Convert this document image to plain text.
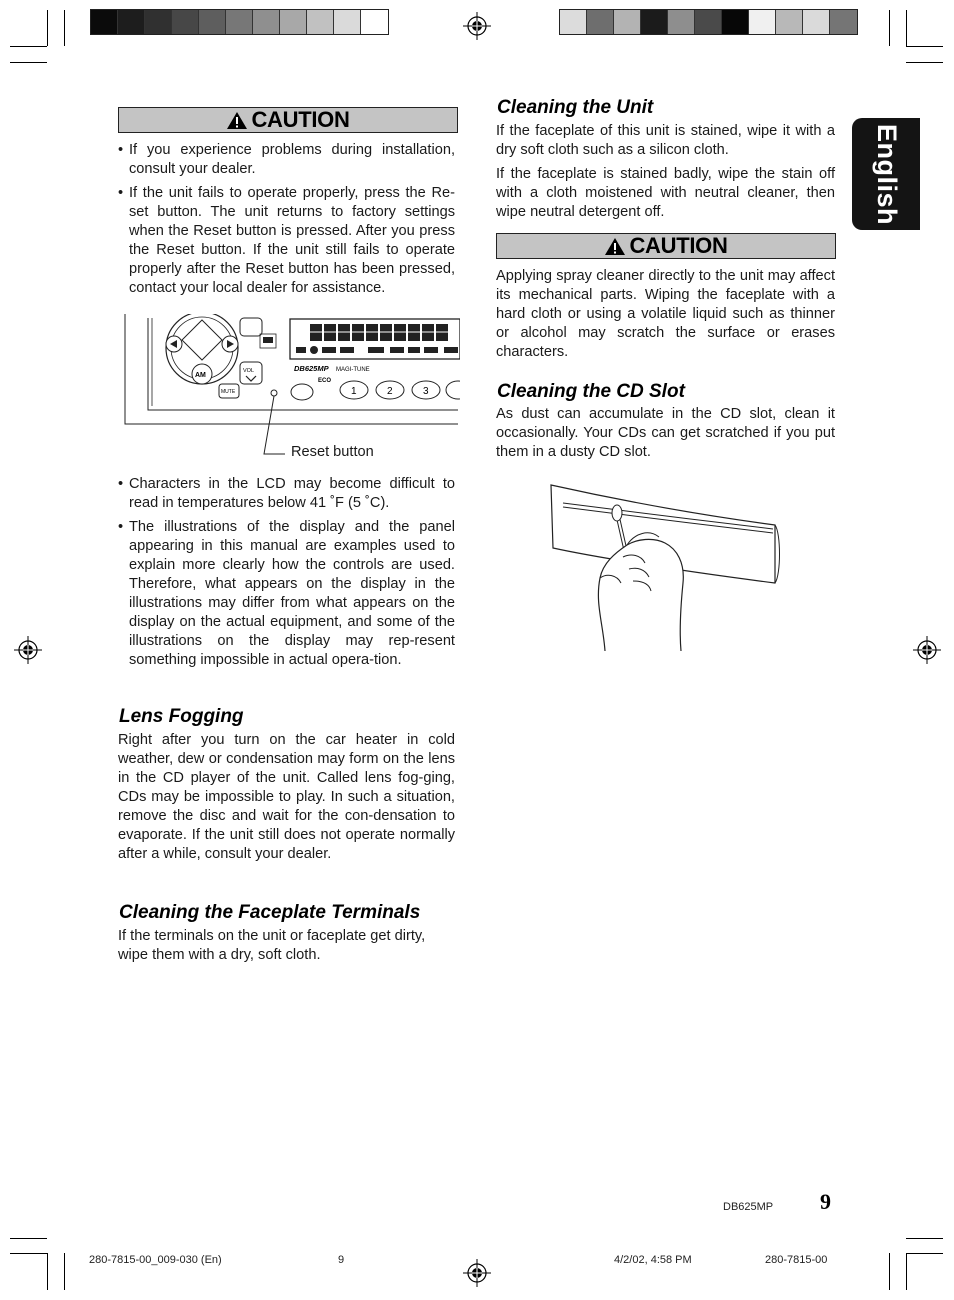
English
CAUTION
• If you experience problems during installation, consult your dealer.
• If the unit fails to operate properly, press the Re-set button. The unit returns to factory settings when the Reset button is pressed. After you press the Reset button. If the unit still fails to operate properly after the Reset button has been pressed, contact your local dealer for assistance.
AM
VOL
MUTE
DB625MP MAGI-TUNE
ECO
1	2	3
Reset button
• Characters in the LCD may become difficult to read in temperatures below 41 ˚F (5 ˚C).
• The illustrations of the display and the panel appearing in this manual are examples used to explain more clearly how the controls are used. Therefore, what appears on the display in the illustrations may differ from what appears on the display on the actual equipment, and some of the illustrations on the display may rep-resent something impossible in actual opera-tion.
Lens Fogging

Right after you turn on the car heater in cold weather, dew or condensation may form on the lens in the CD player of the unit. Called lens fog-ging, CDs may be impossible to play. In such a situation, remove the disc and wait for the con-densation to evaporate. If the unit still does not operate normally after a while, consult your dealer.

Cleaning the Faceplate Terminals

If the terminals on the unit or faceplate get dirty, wipe them with a dry, soft cloth.

Cleaning the Unit

If the faceplate of this unit is stained, wipe it with a dry soft cloth such as a silicon cloth.

If the faceplate is stained badly, wipe the stain off with a cloth moistened with neutral cleaner, then wipe neutral detergent off.

CAUTION

Applying spray cleaner directly to the unit may affect its mechanical parts. Wiping the faceplate with a hard cloth or using a volatile liquid such as thinner or alcohol may scratch the surface or erases characters.

Cleaning the CD Slot

As dust can accumulate in the CD slot, clean it occasionally. Your CDs can get scratched if you put them in a dusty CD slot.

DB625MP 9
280-7815-00_009-030 (En)	9	4/2/02, 4:58 PM	280-7815-00
